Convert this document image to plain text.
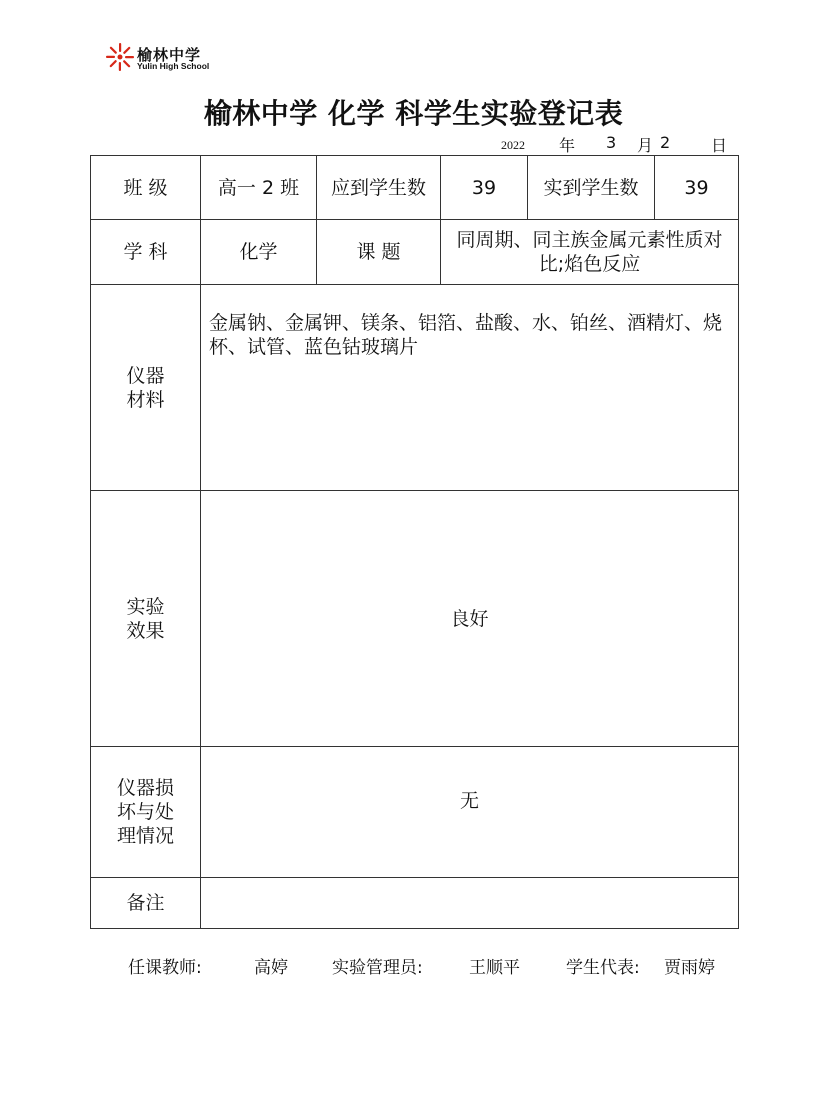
榆林中学
Yulin High School
榆林中学 化学 科学生实验登记表
2022 年 3 月 2	日
班 级	高一 2 班	应到学生数	39	实到学生数	39
学 科	化学	课 题	同周期、同主族金属元素性质对比;焰色反应		

仪器材料	金属钠、金属钾、镁条、铝箔、盐酸、水、铂丝、酒精灯、烧杯、试管、蓝色钴玻璃片				

实验效果	良好				

仪器损坏与处理情况	无				
备注					
任课教师:	高婷	实验管理员:	王顺平	学生代表: 贾雨婷
